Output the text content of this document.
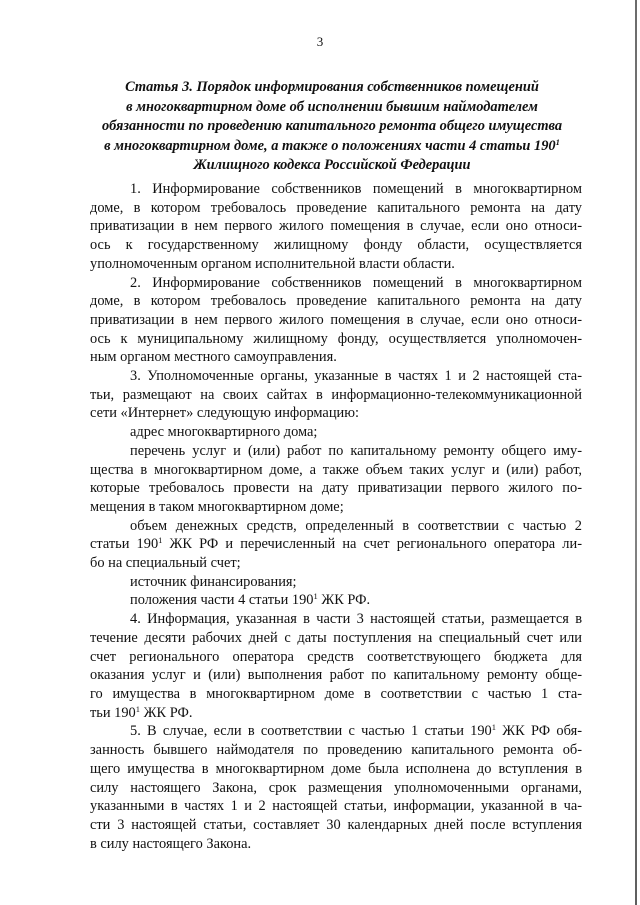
3
Статья 3. Порядок информирования собственников помещений
в многоквартирном доме об исполнении бывшим наймодателем
обязанности по проведению капитального ремонта общего имущества
в многоквартирном доме, а также о положениях части 4 статьи $190^1$
Жилищного кодекса Российской Федерации
1. Информирование собственников помещений в многоквартирном
доме, в котором требовалось проведение капитального ремонта на дату
приватизации в нем первого жилого помещения в случае, если оно относи-
ось к государственному жилищному фонду области, осуществляется
уполномоченным органом исполнительной власти области.
2. Информирование собственников помещений в многоквартирном
доме, в котором требовалось проведение капитального ремонта на дату
приватизации в нем первого жилого помещения в случае, если оно относи-
ось к муниципальному жилищному фонду, осуществляется уполномочен-
ным органом местного самоуправления.
3. Уполномоченные органы, указанные в частях 1 и 2 настоящей ста-
тьи, размещают на своих сайтах в информационно-телекоммуникационной
сети «Интернет» следующую информацию:
адрес многоквартирного дома;
перечень услуг и (или) работ по капитальному ремонту общего иму-
щества в многоквартирном доме, а также объем таких услуг и (или) работ,
которые требовалось провести на дату приватизации первого жилого по-
мещения в таком многоквартирном доме;
объем денежных средств, определенный в соответствии с частью 2
статьи $190^1$ ЖК РФ и перечисленный на счет регионального оператора ли-
бо на специальный счет;
источник финансирования;
положения части 4 статьи $190^1$ ЖК РФ.
4. Информация, указанная в части 3 настоящей статьи, размещается в
течение десяти рабочих дней с даты поступления на специальный счет или
счет регионального оператора средств соответствующего бюджета для
оказания услуг и (или) выполнения работ по капитальному ремонту обще-
го имущества в многоквартирном доме в соответствии с частью 1 ста-
тьи $190^1$ ЖК РФ.
5. В случае, если в соответствии с частью 1 статьи $190^1$ ЖК РФ обя-
занность бывшего наймодателя по проведению капитального ремонта об-
щего имущества в многоквартирном доме была исполнена до вступления в
силу настоящего Закона, срок размещения уполномоченными органами,
указанными в частях 1 и 2 настоящей статьи, информации, указанной в ча-
сти 3 настоящей статьи, составляет 30 календарных дней после вступления
в силу настоящего Закона.
